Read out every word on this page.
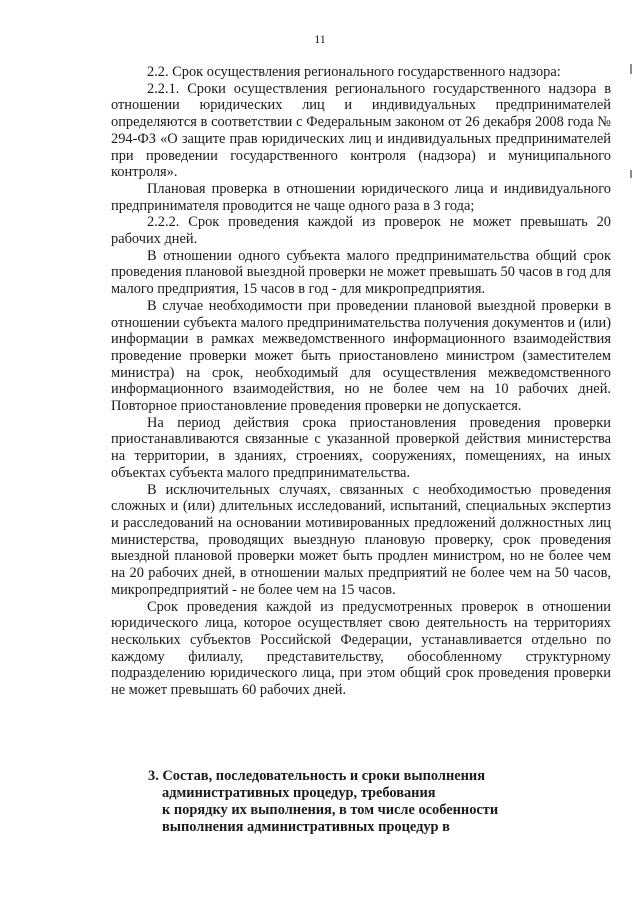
11

2.2. Срок осуществления регионального государственного надзора:

2.2.1. Сроки осуществления регионального государственного надзора в отношении юридических лиц и индивидуальных предпринимателей определяются в соответствии с Федеральным законом от 26 декабря 2008 года № 294-ФЗ «О защите прав юридических лиц и индивидуальных предпринимателей при проведении государственного контроля (надзора) и муниципального контроля».

Плановая проверка в отношении юридического лица и индивидуального предпринимателя проводится не чаще одного раза в 3 года;

2.2.2. Срок проведения каждой из проверок не может превышать 20 рабочих дней.

В отношении одного субъекта малого предпринимательства общий срок проведения плановой выездной проверки не может превышать 50 часов в год для малого предприятия, 15 часов в год - для микропредприятия.

В случае необходимости при проведении плановой выездной проверки в отношении субъекта малого предпринимательства получения документов и (или) информации в рамках межведомственного информационного взаимодействия проведение проверки может быть приостановлено министром (заместителем министра) на срок, необходимый для осуществления межведомственного информационного взаимодействия, но не более чем на 10 рабочих дней. Повторное приостановление проведения проверки не допускается.

На период действия срока приостановления проведения проверки приостанавливаются связанные с указанной проверкой действия министерства на территории, в зданиях, строениях, сооружениях, помещениях, на иных объектах субъекта малого предпринимательства.

В исключительных случаях, связанных с необходимостью проведения сложных и (или) длительных исследований, испытаний, специальных экспертиз и расследований на основании мотивированных предложений должностных лиц министерства, проводящих выездную плановую проверку, срок проведения выездной плановой проверки может быть продлен министром, но не более чем на 20 рабочих дней, в отношении малых предприятий не более чем на 50 часов, микропредприятий - не более чем на 15 часов.

Срок проведения каждой из предусмотренных проверок в отношении юридического лица, которое осуществляет свою деятельность на территориях нескольких субъектов Российской Федерации, устанавливается отдельно по каждому филиалу, представительству, обособленному структурному подразделению юридического лица, при этом общий срок проведения проверки не может превышать 60 рабочих дней.

3. Состав, последовательность и сроки выполнения
административных процедур, требования
к порядку их выполнения, в том числе особенности
выполнения административных процедур в
